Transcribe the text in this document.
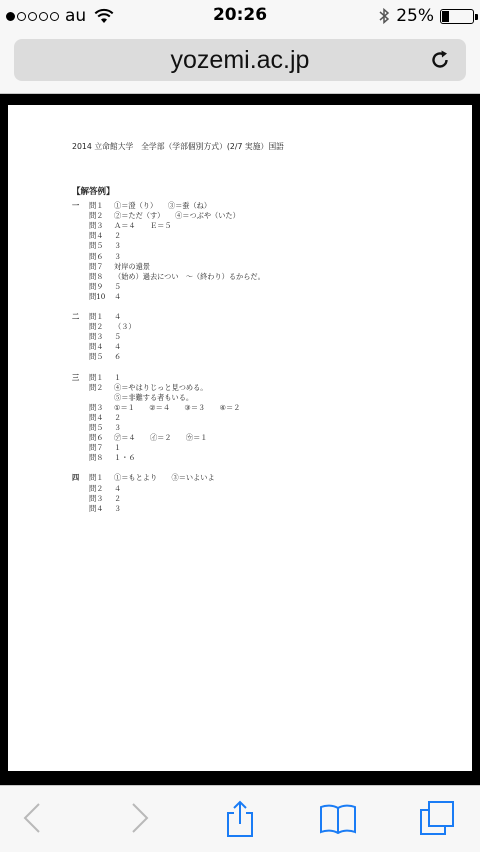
au	20:26	25%
yozemi.ac.jp
2014 立命館大学　全学部（学部個別方式）(2/7 実施）国語
【解答例】
一 問１ ①＝澄（り）　　③＝蚕（ね）
問２ ②＝ただ（す）　　④＝つぶや（いた）
問３ Ａ＝４　　Ｅ＝５
問４ ２
問５ ３
問６ ３
問７ 対岸の遠景
問８ （始め）過去につい　～（終わり）るからだ。
問９ ５
問10 ４
二 問１ ４
問２ （３）
問３ ５
問４ ４
問５ ６
三 問１ １
問２ ④＝やはりじっと見つめる。
⑤＝非難する者もいる。
問３ ①＝１　　②＝４　　③＝３　　④＝２
問４ ２
問５ ３
問６ ㋐＝４　　㋑＝２　　㋒＝１
問７ １
問８ １・６
四 問１ ①＝もとより　　③＝いよいよ
問２ ４
問３ ２
問４ ３
